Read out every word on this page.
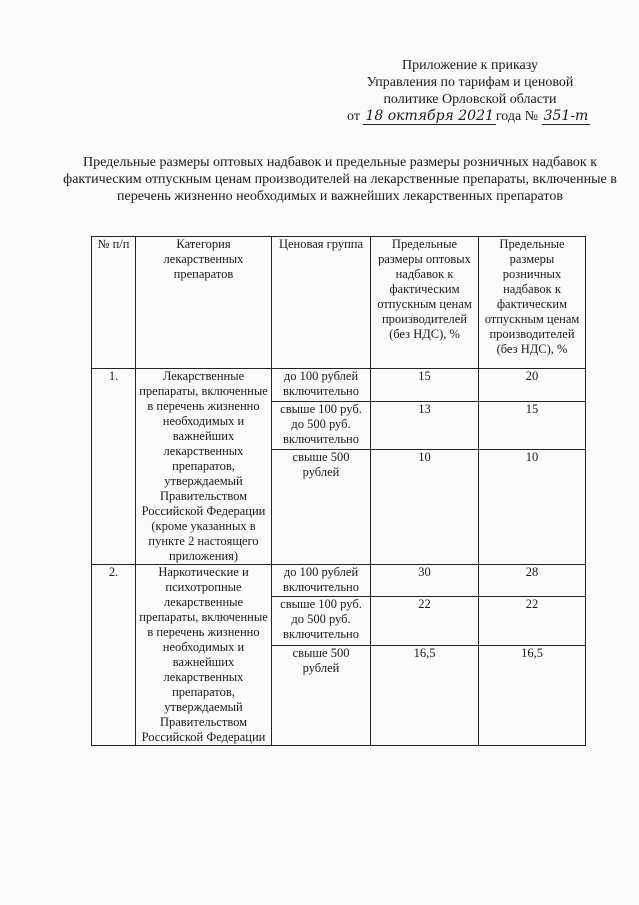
Приложение к приказу
Управления по тарифам и ценовой
политике Орловской области
от 18 октября 2021 года № 351-т
Предельные размеры оптовых надбавок и предельные размеры розничных надбавок к фактическим отпускным ценам производителей на лекарственные препараты, включенные в перечень жизненно необходимых и важнейших лекарственных препаратов
№ п/п	Категория лекарственных препаратов	Ценовая группа	Предельные размеры оптовых надбавок к фактическим отпускным ценам производителей (без НДС), %	Предельные размеры розничных надбавок к фактическим отпускным ценам производителей (без НДС), %
1.	Лекарственные препараты, включенные в перечень жизненно необходимых и важнейших лекарственных препаратов, утверждаемый Правительством Российской Федерации (кроме указанных в пункте 2 настоящего приложения)	до 100 рублей включительно	15	20
		свыше 100 руб. до 500 руб. включительно	13	15
		свыше 500 рублей	10	10
2.	Наркотические и психотропные лекарственные препараты, включенные в перечень жизненно необходимых и важнейших лекарственных препаратов, утверждаемый Правительством Российской Федерации	до 100 рублей включительно	30	28
		свыше 100 руб. до 500 руб. включительно	22	22
		свыше 500 рублей	16,5	16,5
